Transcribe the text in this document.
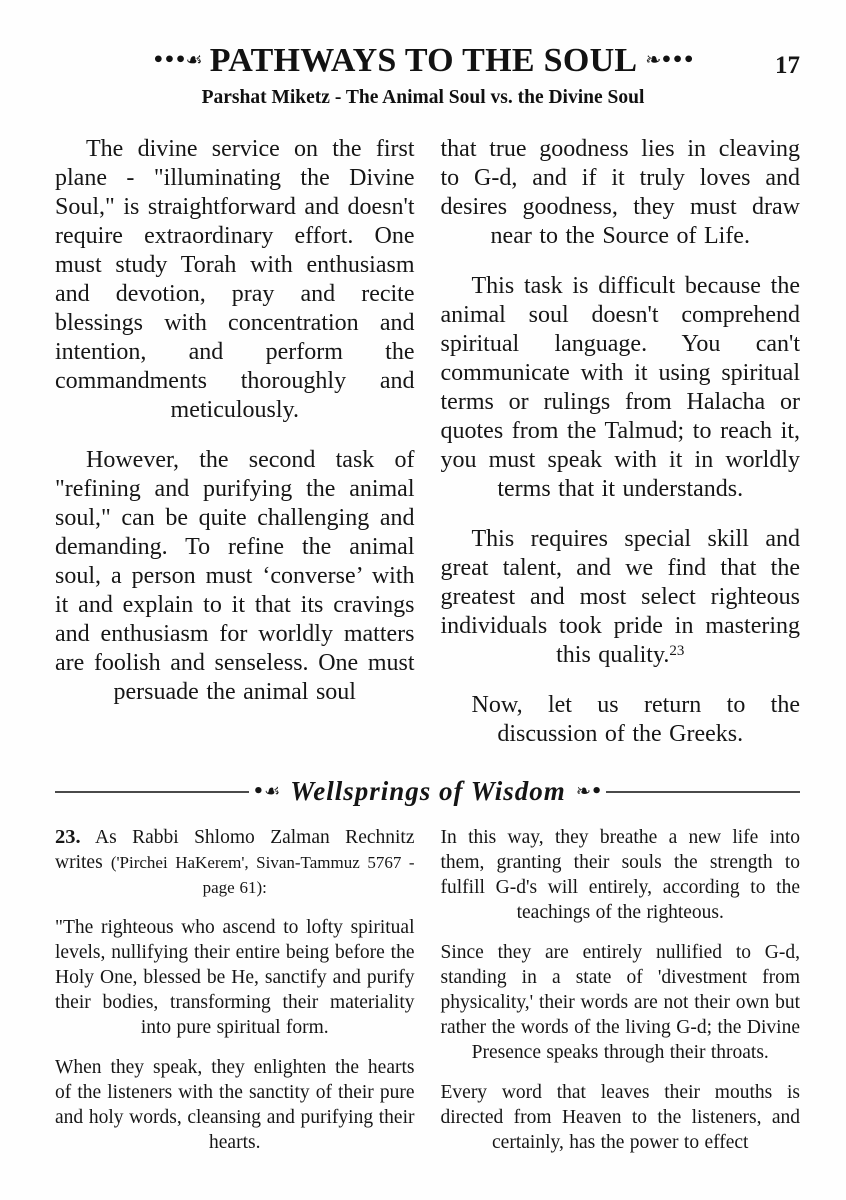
•••☙ PATHWAYS TO THE SOUL ❧•••	17
Parshat Miketz - The Animal Soul vs. the Divine Soul

The divine service on the first plane - "illuminating the Divine Soul," is straightforward and doesn't require extraordinary effort. One must study Torah with enthusiasm and devotion, pray and recite blessings with concentration and intention, and perform the commandments thoroughly and meticulously.

However, the second task of "refining and purifying the animal soul," can be quite challenging and demanding. To refine the animal soul, a person must ‘converse’ with it and explain to it that its cravings and enthusiasm for worldly matters are foolish and senseless. One must persuade the animal soul

that true goodness lies in cleaving to G-d, and if it truly loves and desires goodness, they must draw near to the Source of Life.

This task is difficult because the animal soul doesn't comprehend spiritual language. You can't communicate with it using spiritual terms or rulings from Halacha or quotes from the Talmud; to reach it, you must speak with it in worldly terms that it understands.

This requires special skill and great talent, and we find that the greatest and most select righteous individuals took pride in mastering this quality.$^{23}$

Now, let us return to the discussion of the Greeks.

•☙ Wellsprings of Wisdom ❧•

23. As Rabbi Shlomo Zalman Rechnitz writes ('Pirchei HaKerem', Sivan-Tammuz 5767 - page 61):

"The righteous who ascend to lofty spiritual levels, nullifying their entire being before the Holy One, blessed be He, sanctify and purify their bodies, transforming their materiality into pure spiritual form.

When they speak, they enlighten the hearts of the listeners with the sanctity of their pure and holy words, cleansing and purifying their hearts.

In this way, they breathe a new life into them, granting their souls the strength to fulfill G-d's will entirely, according to the teachings of the righteous.

Since they are entirely nullified to G-d, standing in a state of 'divestment from physicality,' their words are not their own but rather the words of the living G-d; the Divine Presence speaks through their throats.

Every word that leaves their mouths is directed from Heaven to the listeners, and certainly, has the power to effect
